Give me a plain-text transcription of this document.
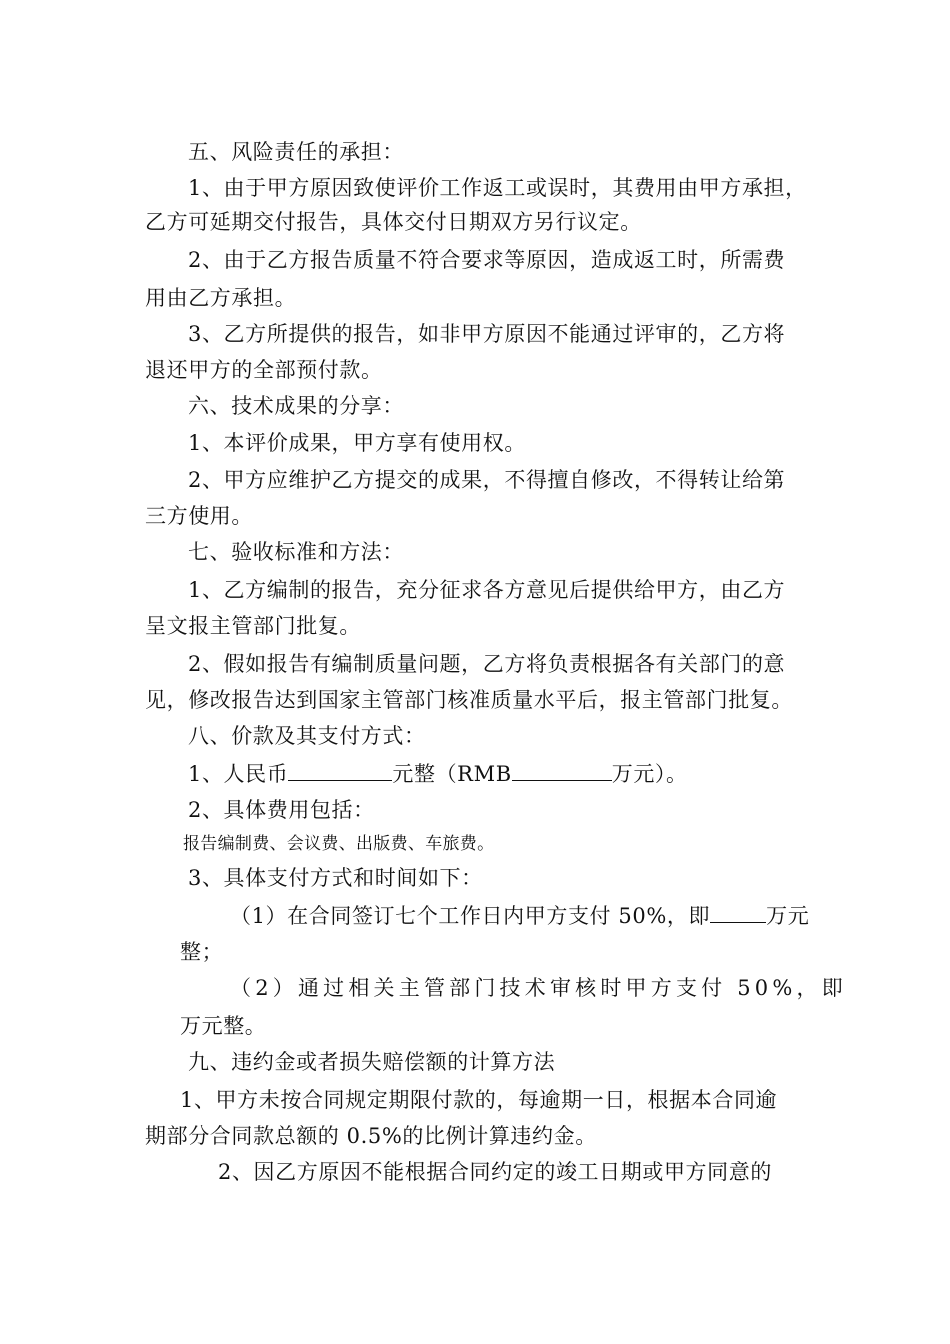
五、风险责任的承担：
1、由于甲方原因致使评价工作返工或误时，其费用由甲方承担，
乙方可延期交付报告，具体交付日期双方另行议定。
2、由于乙方报告质量不符合要求等原因，造成返工时，所需费
用由乙方承担。
3、乙方所提供的报告，如非甲方原因不能通过评审的，乙方将
退还甲方的全部预付款。
六、技术成果的分享：
1、本评价成果，甲方享有使用权。
2、甲方应维护乙方提交的成果，不得擅自修改，不得转让给第
三方使用。
七、验收标准和方法：
1、乙方编制的报告，充分征求各方意见后提供给甲方，由乙方
呈文报主管部门批复。
2、假如报告有编制质量问题，乙方将负责根据各有关部门的意
见，修改报告达到国家主管部门核准质量水平后，报主管部门批复。
八、价款及其支付方式：
1、人民币	元整（RMB	万元）。
2、具体费用包括：
报告编制费、会议费、出版费、车旅费。
3、具体支付方式和时间如下：
（1）在合同签订七个工作日内甲方支付 50%，即	万元
整；
（2）通过相关主管部门技术审核时甲方支付 50%，即
万元整。
九、违约金或者损失赔偿额的计算方法
1、甲方未按合同规定期限付款的，每逾期一日，根据本合同逾
期部分合同款总额的 0.5%的比例计算违约金。
2、因乙方原因不能根据合同约定的竣工日期或甲方同意的
